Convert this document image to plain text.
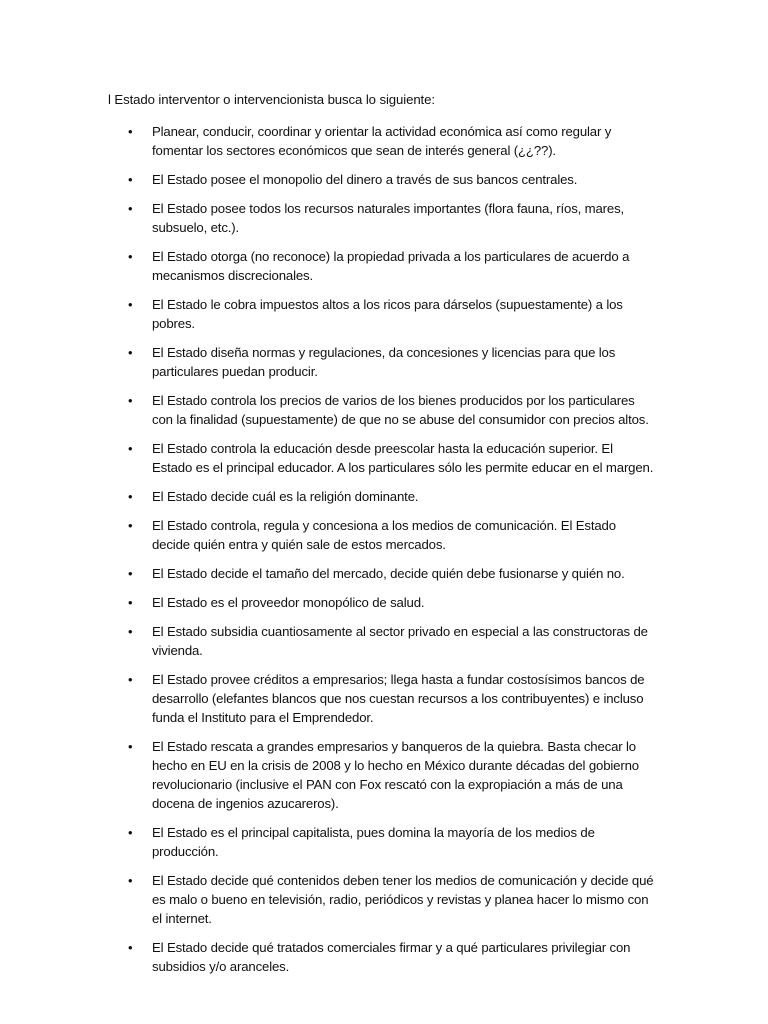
l Estado interventor o intervencionista busca lo siguiente:

• Planear, conducir, coordinar y orientar la actividad económica así como regular y fomentar los sectores económicos que sean de interés general (¿¿??).
• El Estado posee el monopolio del dinero a través de sus bancos centrales.
• El Estado posee todos los recursos naturales importantes (flora fauna, ríos, mares, subsuelo, etc.).
• El Estado otorga (no reconoce) la propiedad privada a los particulares de acuerdo a mecanismos discrecionales.
• El Estado le cobra impuestos altos a los ricos para dárselos (supuestamente) a los pobres.
• El Estado diseña normas y regulaciones, da concesiones y licencias para que los particulares puedan producir.
• El Estado controla los precios de varios de los bienes producidos por los particulares con la finalidad (supuestamente) de que no se abuse del consumidor con precios altos.
• El Estado controla la educación desde preescolar hasta la educación superior. El Estado es el principal educador. A los particulares sólo les permite educar en el margen.
• El Estado decide cuál es la religión dominante.
• El Estado controla, regula y concesiona a los medios de comunicación. El Estado decide quién entra y quién sale de estos mercados.
• El Estado decide el tamaño del mercado, decide quién debe fusionarse y quién no.
• El Estado es el proveedor monopólico de salud.
• El Estado subsidia cuantiosamente al sector privado en especial a las constructoras de vivienda.
• El Estado provee créditos a empresarios; llega hasta a fundar costosísimos bancos de desarrollo (elefantes blancos que nos cuestan recursos a los contribuyentes) e incluso funda el Instituto para el Emprendedor.
• El Estado rescata a grandes empresarios y banqueros de la quiebra. Basta checar lo hecho en EU en la crisis de 2008 y lo hecho en México durante décadas del gobierno revolucionario (inclusive el PAN con Fox rescató con la expropiación a más de una docena de ingenios azucareros).
• El Estado es el principal capitalista, pues domina la mayoría de los medios de producción.
• El Estado decide qué contenidos deben tener los medios de comunicación y decide qué es malo o bueno en televisión, radio, periódicos y revistas y planea hacer lo mismo con el internet.
• El Estado decide qué tratados comerciales firmar y a qué particulares privilegiar con subsidios y/o aranceles.
